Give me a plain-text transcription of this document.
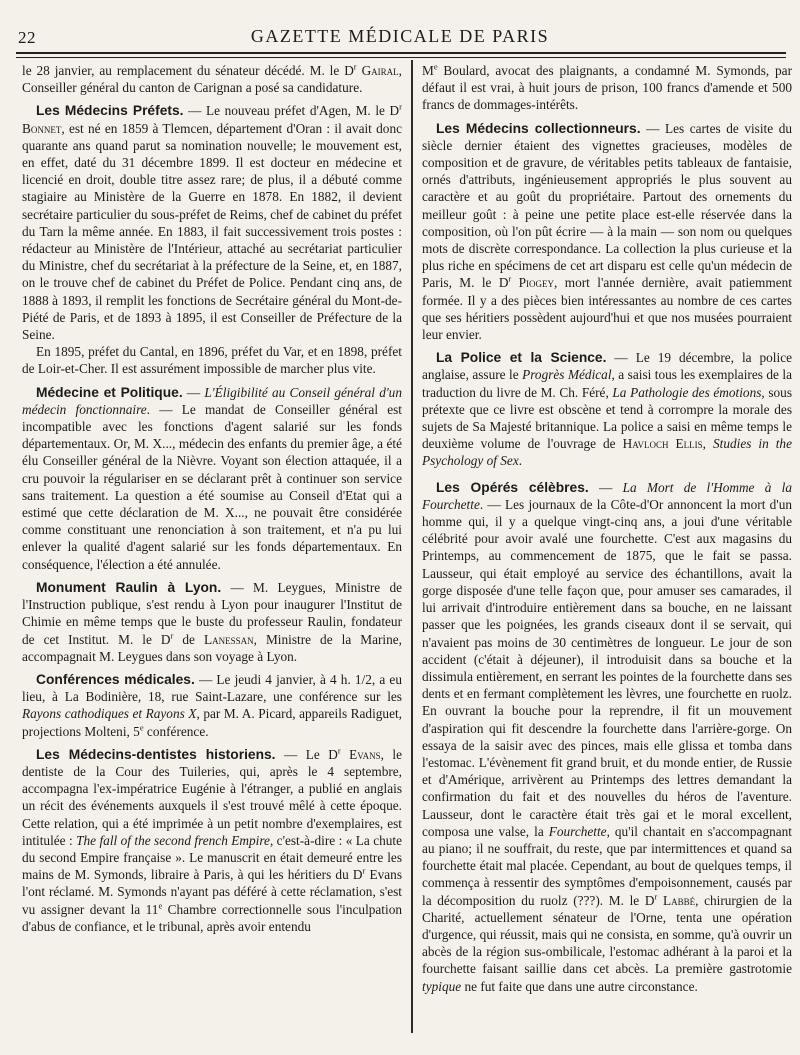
22	GAZETTE MÉDICALE DE PARIS

le 28 janvier, au remplacement du sénateur décédé. M. le $D^r$ Gairal, Conseiller général du canton de Carignan a posé sa candidature.

Les Médecins Préfets. — Le nouveau préfet d'Agen, M. le $D^r$ Bonnet, est né en 1859 à Tlemcen, département d'Oran : il avait donc quarante ans quand parut sa nomination nouvelle; le mouvement est, en effet, daté du 31 décembre 1899. Il est docteur en médecine et licencié en droit, double titre assez rare; de plus, il a débuté comme stagiaire au Ministère de la Guerre en 1878. En 1882, il devient secrétaire particulier du sous-préfet de Reims, chef de cabinet du préfet du Tarn la même année. En 1883, il fait successivement trois postes : rédacteur au Ministère de l'Intérieur, attaché au secrétariat particulier du Ministre, chef du secrétariat à la préfecture de la Seine, et, en 1887, on le trouve chef de cabinet du Préfet de Police. Pendant cinq ans, de 1888 à 1893, il remplit les fonctions de Secrétaire général du Mont-de-Piété de Paris, et de 1893 à 1895, il est Conseiller de Préfecture de la Seine.

En 1895, préfet du Cantal, en 1896, préfet du Var, et en 1898, préfet de Loir-et-Cher. Il est assurément impossible de marcher plus vite.

Médecine et Politique. — L'Éligibilité au Conseil général d'un médecin fonctionnaire. — Le mandat de Conseiller général est incompatible avec les fonctions d'agent salarié sur les fonds départementaux. Or, M. X..., médecin des enfants du premier âge, a été élu Conseiller général de la Nièvre. Voyant son élection attaquée, il a cru pouvoir la régulariser en se déclarant prêt à continuer son service sans traitement. La question a été soumise au Conseil d'Etat qui a estimé que cette déclaration de M. X..., ne pouvait être considérée comme constituant une renonciation à son traitement, et n'a pu lui enlever la qualité d'agent salarié sur les fonds départementaux. En conséquence, l'élection a été annulée.

Monument Raulin à Lyon. — M. Leygues, Ministre de l'Instruction publique, s'est rendu à Lyon pour inaugurer l'Institut de Chimie en même temps que le buste du professeur Raulin, fondateur de cet Institut. M. le $D^r$ de Lanessan, Ministre de la Marine, accompagnait M. Leygues dans son voyage à Lyon.

Conférences médicales. — Le jeudi 4 janvier, à 4 h. 1/2, a eu lieu, à La Bodinière, 18, rue Saint-Lazare, une conférence sur les Rayons cathodiques et Rayons X, par M. A. Picard, appareils Radiguet, projections Molteni, 5e conférence.

Les Médecins-dentistes historiens. — Le $D^r$ Evans, le dentiste de la Cour des Tuileries, qui, après le 4 septembre, accompagna l'ex-impératrice Eugénie à l'étranger, a publié en anglais un récit des événements auxquels il s'est trouvé mêlé à cette époque. Cette relation, qui a été imprimée à un petit nombre d'exemplaires, est intitulée : The fall of the second french Empire, c'est-à-dire : « La chute du second Empire française ». Le manuscrit en était demeuré entre les mains de M. Symonds, libraire à Paris, à qui les héritiers du $D^r$ Evans l'ont réclamé. M. Symonds n'ayant pas déféré à cette réclamation, s'est vu assigner devant la 11e Chambre correctionnelle sous l'inculpation d'abus de confiance, et le tribunal, après avoir entendu

Me Boulard, avocat des plaignants, a condamné M. Symonds, par défaut il est vrai, à huit jours de prison, 100 francs d'amende et 500 francs de dommages-intérêts.

Les Médecins collectionneurs. — Les cartes de visite du siècle dernier étaient des vignettes gracieuses, modèles de composition et de gravure, de véritables petits tableaux de fantaisie, ornés d'attributs, ingénieusement appropriés le plus souvent au caractère et au goût du propriétaire. Partout des ornements du meilleur goût : à peine une petite place est-elle réservée dans la composition, où l'on pût écrire — à la main — son nom ou quelques mots de discrète correspondance. La collection la plus curieuse et la plus riche en spécimens de cet art disparu est celle qu'un médecin de Paris, M. le $D^r$ Piogey, mort l'année dernière, avait patiemment formée. Il y a des pièces bien intéressantes au nombre de ces cartes que ses héritiers possèdent aujourd'hui et que nos musées pourraient leur envier.

La Police et la Science. — Le 19 décembre, la police anglaise, assure le Progrès Médical, a saisi tous les exemplaires de la traduction du livre de M. Ch. Féré, La Pathologie des émotions, sous prétexte que ce livre est obscène et tend à corrompre la morale des sujets de Sa Majesté britannique. La police a saisi en même temps le deuxième volume de l'ouvrage de Havloch Ellis, Studies in the Psychology of Sex.

Les Opérés célèbres. — La Mort de l'Homme à la Fourchette. — Les journaux de la Côte-d'Or annoncent la mort d'un homme qui, il y a quelque vingt-cinq ans, a joui d'une véritable célébrité pour avoir avalé une fourchette. C'est aux magasins du Printemps, au commencement de 1875, que le fait se passa. Lausseur, qui était employé au service des échantillons, avait la gorge disposée d'une telle façon que, pour amuser ses camarades, il lui arrivait d'introduire entièrement dans sa bouche, en ne laissant passer que les poignées, les grands ciseaux dont il se servait, qui n'avaient pas moins de 30 centimètres de longueur. Le jour de son accident (c'était à déjeuner), il introduisit dans sa bouche et la dissimula entièrement, en serrant les pointes de la fourchette dans ses dents et en fermant complètement les lèvres, une fourchette en ruolz. En ouvrant la bouche pour la reprendre, il fit un mouvement d'aspiration qui fit descendre la fourchette dans l'arrière-gorge. On essaya de la saisir avec des pinces, mais elle glissa et tomba dans l'estomac. L'évènement fit grand bruit, et du monde entier, de Russie et d'Amérique, arrivèrent au Printemps des lettres demandant la confirmation du fait et des nouvelles du héros de l'aventure. Lausseur, dont le caractère était très gai et le moral excellent, composa une valse, la Fourchette, qu'il chantait en s'accompagnant au piano; il ne souffrait, du reste, que par intermittences et quand sa fourchette était mal placée. Cependant, au bout de quelques temps, il commença à ressentir des symptômes d'empoisonnement, causés par la décomposition du ruolz (???). M. le $D^r$ Labbé, chirurgien de la Charité, actuellement sénateur de l'Orne, tenta une opération d'urgence, qui réussit, mais qui ne consista, en somme, qu'à ouvrir un abcès de la région sus-ombilicale, l'estomac adhérant à la paroi et la fourchette faisant saillie dans cet abcès. La première gastrotomie typique ne fut faite que dans une autre circonstance.
